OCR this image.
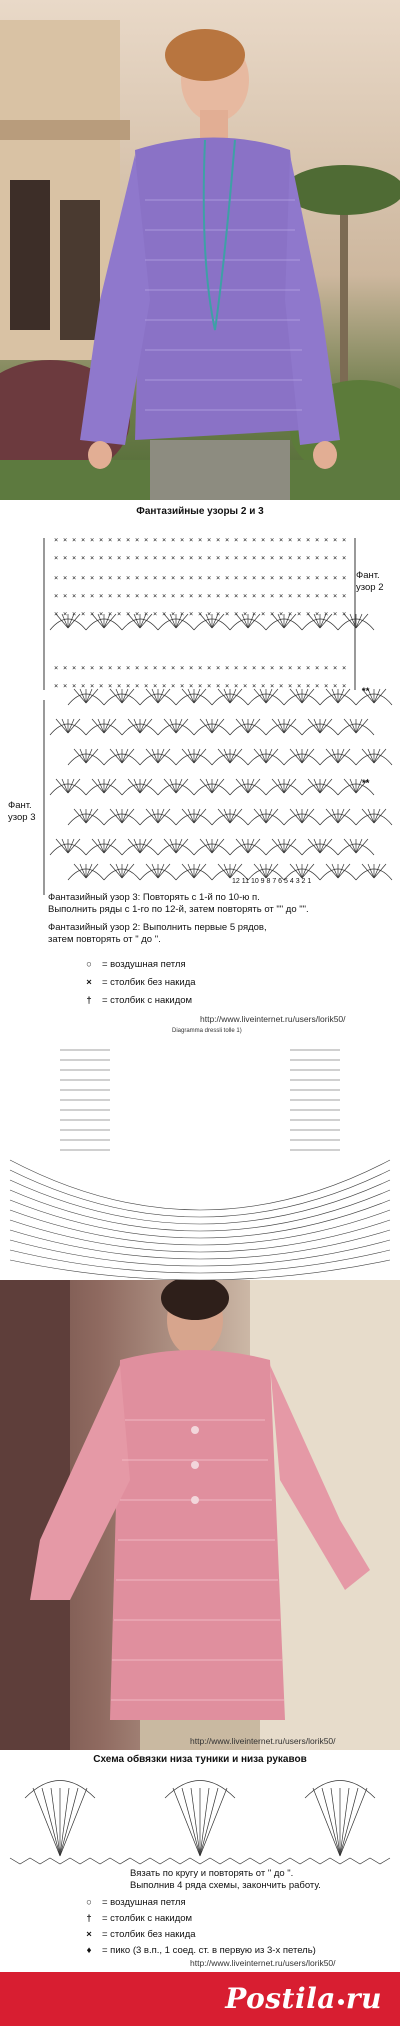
Фантазийные узоры 2 и 3
× × × × × × × × × × × × × × × × × × × × × × × × × × × × × × × × ×
× × × × × × × × × × × × × × × × × × × × × × × × × × × × × × × × ×
× × × × × × × × × × × × × × × × × × × × × × × × × × × × × × × × ×
× × × × × × × × × × × × × × × × × × × × × × × × × × × × × × × × ×
× × × × × × × × × × × × × × × × × × × × × × × × × × × × × × × × ×
× × × × × × × × × × × × × × × × × × × × × × × × × × × × × × × × ×
× × × × × × × × × × × × × × × × × × × × × × × × × × × × × × × × ×
Фант.
узор 2
Фант.
узор 3
**
**
12 11 10 9 8 7 6 5 4 3 2 1
Фантазийный узор 3: Повторять с 1-й по 10-ю п.
Выполнить ряды с 1-го по 12-й, затем повторять от "" до "".
Фантазийный узор 2: Выполнить первые 5 рядов,
затем повторять от " до ".
○ = воздушная петля
× = столбик без накида
† = столбик с накидом
http://www.liveinternet.ru/users/lorik50/
Diagramma dressli tolle 1)
http://www.liveinternet.ru/users/lorik50/
Схема обвязки низа туники и низа рукавов
Вязать по кругу и повторять от " до ".
Выполнив 4 ряда схемы, закончить работу.
○ = воздушная петля
† = столбик с накидом
× = столбик без накида
♦ = пико (3 в.п., 1 соед. ст. в первую из 3-х петель)
http://www.liveinternet.ru/users/lorik50/
Postila ru
